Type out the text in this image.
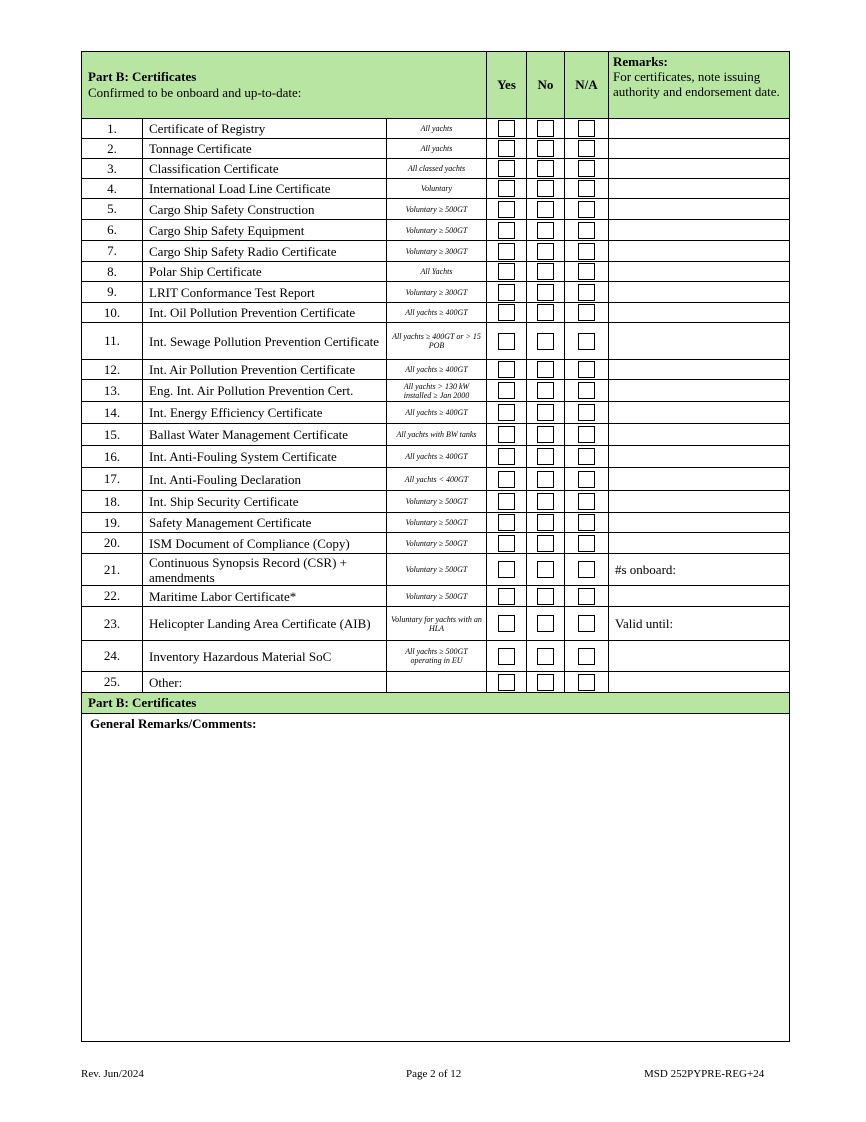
Part B: Certificates
Confirmed to be onboard and up-to-date:			Yes	No	N/A	Remarks:
For certificates, note issuing authority and endorsement date.
1.	Certificate of Registry	All yachts				
2.	Tonnage Certificate	All yachts				
3.	Classification Certificate	All classed yachts				
4.	International Load Line Certificate	Voluntary				
5.	Cargo Ship Safety Construction	Voluntary ≥ 500GT				
6.	Cargo Ship Safety Equipment	Voluntary ≥ 500GT				
7.	Cargo Ship Safety Radio Certificate	Voluntary ≥ 300GT				
8.	Polar Ship Certificate	All Yachts				
9.	LRIT Conformance Test Report	Voluntary ≥ 300GT				
10.	Int. Oil Pollution Prevention Certificate	All yachts ≥ 400GT				
11.	Int. Sewage Pollution Prevention Certificate	All yachts ≥ 400GT or > 15 POB				
12.	Int. Air Pollution Prevention Certificate	All yachts ≥ 400GT				
13.	Eng. Int. Air Pollution Prevention Cert.	All yachts > 130 kW installed ≥ Jan 2000				
14.	Int. Energy Efficiency Certificate	All yachts ≥ 400GT				
15.	Ballast Water Management Certificate	All yachts with BW tanks				
16.	Int. Anti-Fouling System Certificate	All yachts ≥ 400GT				
17.	Int. Anti-Fouling Declaration	All yachts < 400GT				
18.	Int. Ship Security Certificate	Voluntary ≥ 500GT				
19.	Safety Management Certificate	Voluntary ≥ 500GT				
20.	ISM Document of Compliance (Copy)	Voluntary ≥ 500GT				
21.	Continuous Synopsis Record (CSR) + amendments	Voluntary ≥ 500GT				#s onboard:
22.	Maritime Labor Certificate*	Voluntary ≥ 500GT				
23.	Helicopter Landing Area Certificate (AIB)	Voluntary for yachts with an HLA				Valid until:
24.	Inventory Hazardous Material SoC	All yachts ≥ 500GT operating in EU				
25.	Other:					
Part B: Certificates						
General Remarks/Comments:						
Rev. Jun/2024	Page 2 of 12	MSD 252PYPRE-REG+24
